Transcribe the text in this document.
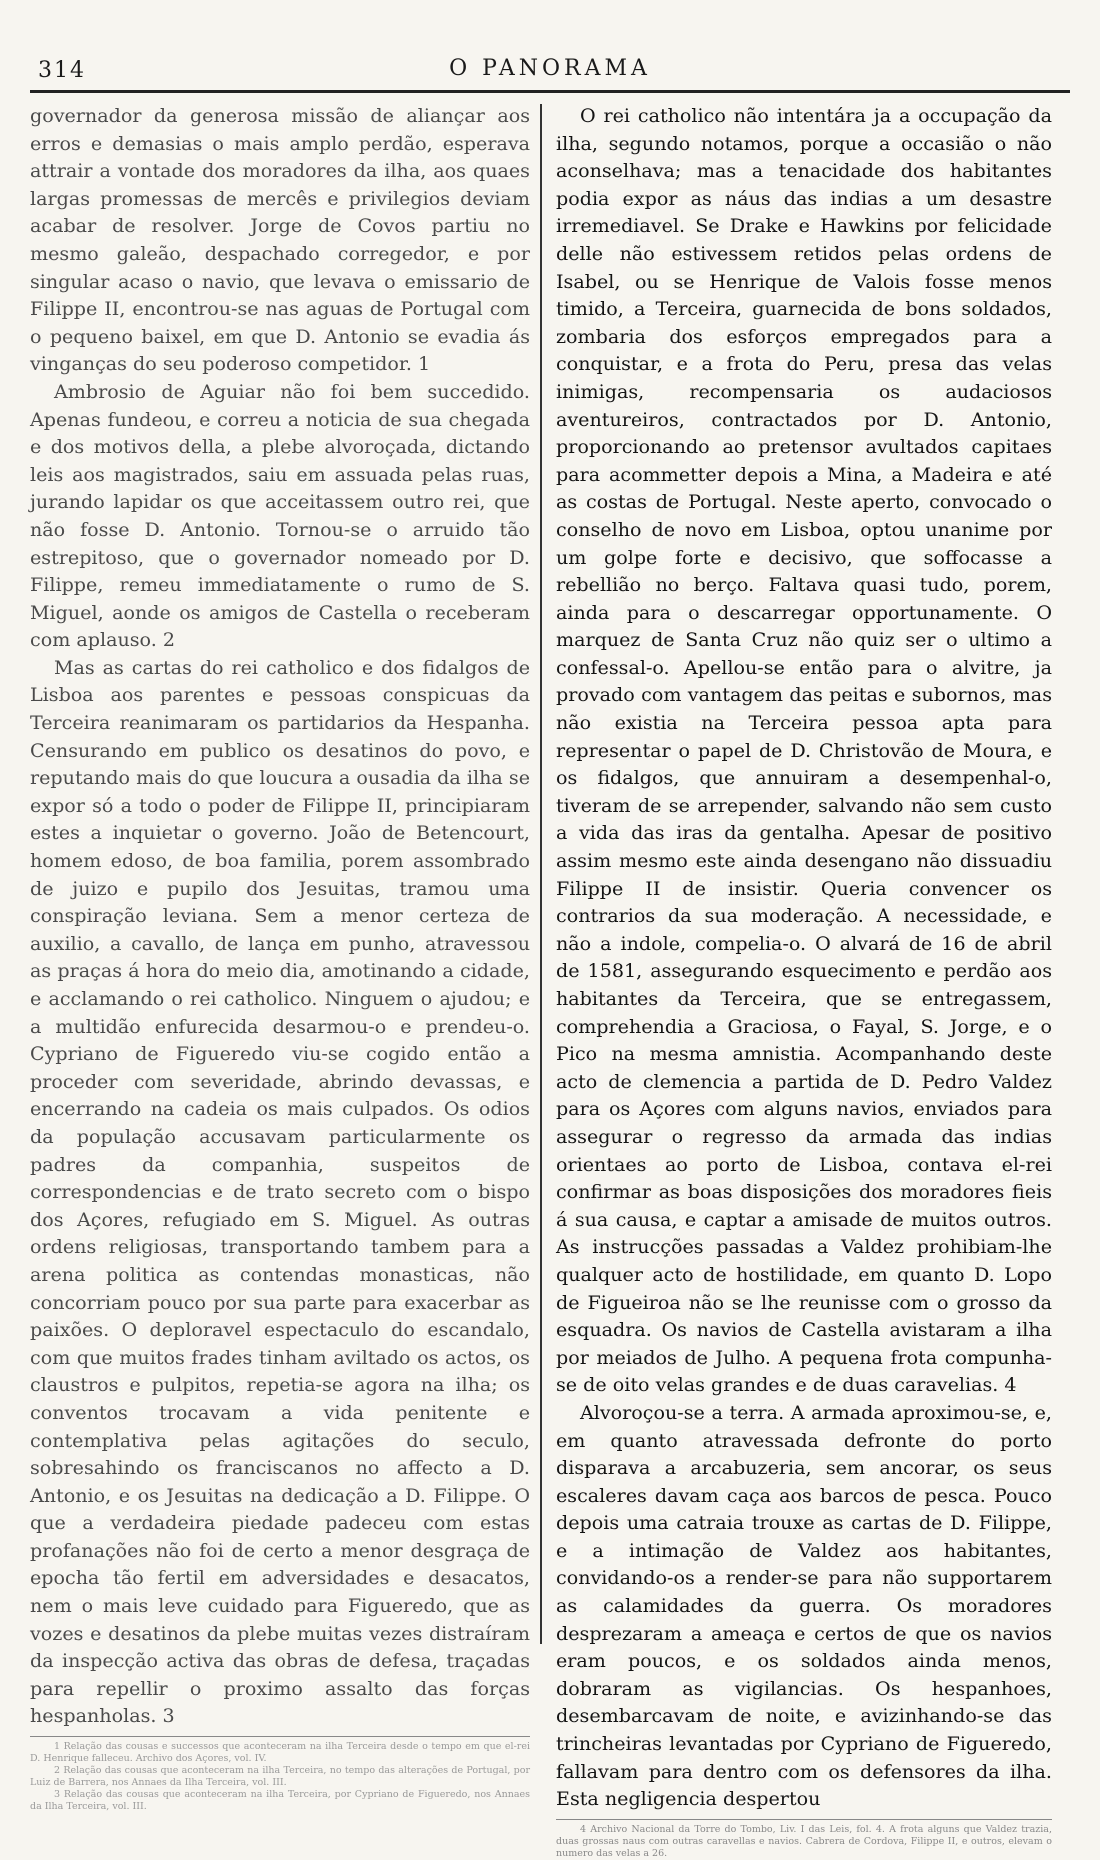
314	O PANORAMA

governador da generosa missão de aliançar aos erros e demasias o mais amplo perdão, esperava attrair a vontade dos moradores da ilha, aos quaes largas promessas de mercês e privilegios deviam acabar de resolver. Jorge de Covos partiu no mesmo galeão, despachado corregedor, e por singular acaso o navio, que levava o emissario de Filippe II, encontrou-se nas aguas de Portugal com o pequeno baixel, em que D. Antonio se evadia ás vinganças do seu poderoso competidor. 1

Ambrosio de Aguiar não foi bem succedido. Apenas fundeou, e correu a noticia de sua chegada e dos motivos della, a plebe alvoroçada, dictando leis aos magistrados, saiu em assuada pelas ruas, jurando lapidar os que acceitassem outro rei, que não fosse D. Antonio. Tornou-se o arruido tão estrepitoso, que o governador nomeado por D. Filippe, remeu immediatamente o rumo de S. Miguel, aonde os amigos de Castella o receberam com aplauso. 2

Mas as cartas do rei catholico e dos fidalgos de Lisboa aos parentes e pessoas conspicuas da Terceira reanimaram os partidarios da Hespanha. Censurando em publico os desatinos do povo, e reputando mais do que loucura a ousadia da ilha se expor só a todo o poder de Filippe II, principiaram estes a inquietar o governo. João de Betencourt, homem edoso, de boa familia, porem assombrado de juizo e pupilo dos Jesuitas, tramou uma conspiração leviana. Sem a menor certeza de auxilio, a cavallo, de lança em punho, atravessou as praças á hora do meio dia, amotinando a cidade, e acclamando o rei catholico. Ninguem o ajudou; e a multidão enfurecida desarmou-o e prendeu-o. Cypriano de Figueredo viu-se cogido então a proceder com severidade, abrindo devassas, e encerrando na cadeia os mais culpados. Os odios da população accusavam particularmente os padres da companhia, suspeitos de correspondencias e de trato secreto com o bispo dos Açores, refugiado em S. Miguel. As outras ordens religiosas, transportando tambem para a arena politica as contendas monasticas, não concorriam pouco por sua parte para exacerbar as paixões. O deploravel espectaculo do escandalo, com que muitos frades tinham aviltado os actos, os claustros e pulpitos, repetia-se agora na ilha; os conventos trocavam a vida penitente e contemplativa pelas agitações do seculo, sobresahindo os franciscanos no affecto a D. Antonio, e os Jesuitas na dedicação a D. Filippe. O que a verdadeira piedade padeceu com estas profanações não foi de certo a menor desgraça de epocha tão fertil em adversidades e desacatos, nem o mais leve cuidado para Figueredo, que as vozes e desatinos da plebe muitas vezes distraíram da inspecção activa das obras de defesa, traçadas para repellir o proximo assalto das forças hespanholas. 3

1 Relação das cousas e successos que aconteceram na ilha Terceira desde o tempo em que el-rei D. Henrique falleceu. Archivo dos Açores, vol. IV.

2 Relação das cousas que aconteceram na ilha Terceira, no tempo das alterações de Portugal, por Luiz de Barrera, nos Annaes da Ilha Terceira, vol. III.

3 Relação das cousas que aconteceram na ilha Terceira, por Cypriano de Figueredo, nos Annaes da Ilha Terceira, vol. III.

O rei catholico não intentára ja a occupação da ilha, segundo notamos, porque a occasião o não aconselhava; mas a tenacidade dos habitantes podia expor as náus das indias a um desastre irremediavel. Se Drake e Hawkins por felicidade delle não estivessem retidos pelas ordens de Isabel, ou se Henrique de Valois fosse menos timido, a Terceira, guarnecida de bons soldados, zombaria dos esforços empregados para a conquistar, e a frota do Peru, presa das velas inimigas, recompensaria os audaciosos aventureiros, contractados por D. Antonio, proporcionando ao pretensor avultados capitaes para acommetter depois a Mina, a Madeira e até as costas de Portugal. Neste aperto, convocado o conselho de novo em Lisboa, optou unanime por um golpe forte e decisivo, que soffocasse a rebellião no berço. Faltava quasi tudo, porem, ainda para o descarregar opportunamente. O marquez de Santa Cruz não quiz ser o ultimo a confessal-o. Apellou-se então para o alvitre, ja provado com vantagem das peitas e subornos, mas não existia na Terceira pessoa apta para representar o papel de D. Christovão de Moura, e os fidalgos, que annuiram a desempenhal-o, tiveram de se arrepender, salvando não sem custo a vida das iras da gentalha. Apesar de positivo assim mesmo este ainda desengano não dissuadiu Filippe II de insistir. Queria convencer os contrarios da sua moderação. A necessidade, e não a indole, compelia-o. O alvará de 16 de abril de 1581, assegurando esquecimento e perdão aos habitantes da Terceira, que se entregassem, comprehendia a Graciosa, o Fayal, S. Jorge, e o Pico na mesma amnistia. Acompanhando deste acto de clemencia a partida de D. Pedro Valdez para os Açores com alguns navios, enviados para assegurar o regresso da armada das indias orientaes ao porto de Lisboa, contava el-rei confirmar as boas disposições dos moradores fieis á sua causa, e captar a amisade de muitos outros. As instrucções passadas a Valdez prohibiam-lhe qualquer acto de hostilidade, em quanto D. Lopo de Figueiroa não se lhe reunisse com o grosso da esquadra. Os navios de Castella avistaram a ilha por meiados de Julho. A pequena frota compunha-se de oito velas grandes e de duas caravelias. 4

Alvoroçou-se a terra. A armada aproximou-se, e, em quanto atravessada defronte do porto disparava a arcabuzeria, sem ancorar, os seus escaleres davam caça aos barcos de pesca. Pouco depois uma catraia trouxe as cartas de D. Filippe, e a intimação de Valdez aos habitantes, convidando-os a render-se para não supportarem as calamidades da guerra. Os moradores desprezaram a ameaça e certos de que os navios eram poucos, e os soldados ainda menos, dobraram as vigilancias. Os hespanhoes, desembarcavam de noite, e avizinhando-se das trincheiras levantadas por Cypriano de Figueredo, fallavam para dentro com os defensores da ilha. Esta negligencia despertou

4 Archivo Nacional da Torre do Tombo, Liv. I das Leis, fol. 4. A frota alguns que Valdez trazia, duas grossas naus com outras caravellas e navios. Cabrera de Cordova, Filippe II, e outros, elevam o numero das velas a 26.
